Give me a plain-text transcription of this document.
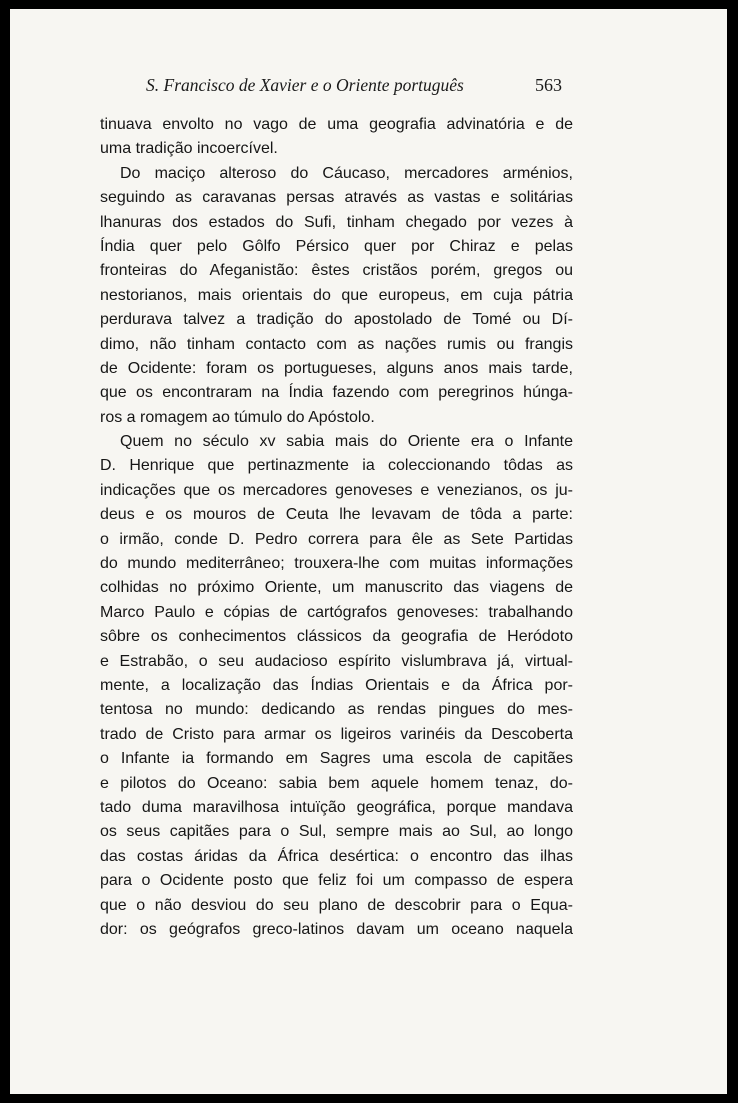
S. Francisco de Xavier e o Oriente português	563
tinuava envolto no vago de uma geografia advinatória e de
uma tradição incoercível.
Do maciço alteroso do Cáucaso, mercadores arménios,
seguindo as caravanas persas através as vastas e solitárias
lhanuras dos estados do Sufi, tinham chegado por vezes à
Índia quer pelo Gôlfo Pérsico quer por Chiraz e pelas
fronteiras do Afeganistão: êstes cristãos porém, gregos ou
nestorianos, mais orientais do que europeus, em cuja pátria
perdurava talvez a tradição do apostolado de Tomé ou Dí-
dimo, não tinham contacto com as nações rumis ou frangis
de Ocidente: foram os portugueses, alguns anos mais tarde,
que os encontraram na Índia fazendo com peregrinos húnga-
ros a romagem ao túmulo do Apóstolo.
Quem no século xv sabia mais do Oriente era o Infante
D. Henrique que pertinazmente ia coleccionando tôdas as
indicações que os mercadores genoveses e venezianos, os ju-
deus e os mouros de Ceuta lhe levavam de tôda a parte:
o irmão, conde D. Pedro correra para êle as Sete Partidas
do mundo mediterrâneo; trouxera-lhe com muitas informações
colhidas no próximo Oriente, um manuscrito das viagens de
Marco Paulo e cópias de cartógrafos genoveses: trabalhando
sôbre os conhecimentos clássicos da geografia de Heródoto
e Estrabão, o seu audacioso espírito vislumbrava já, virtual-
mente, a localização das Índias Orientais e da África por-
tentosa no mundo: dedicando as rendas pingues do mes-
trado de Cristo para armar os ligeiros varinéis da Descoberta
o Infante ia formando em Sagres uma escola de capitães
e pilotos do Oceano: sabia bem aquele homem tenaz, do-
tado duma maravilhosa intuïção geográfica, porque mandava
os seus capitães para o Sul, sempre mais ao Sul, ao longo
das costas áridas da África desértica: o encontro das ilhas
para o Ocidente posto que feliz foi um compasso de espera
que o não desviou do seu plano de descobrir para o Equa-
dor: os geógrafos greco-latinos davam um oceano naquela
